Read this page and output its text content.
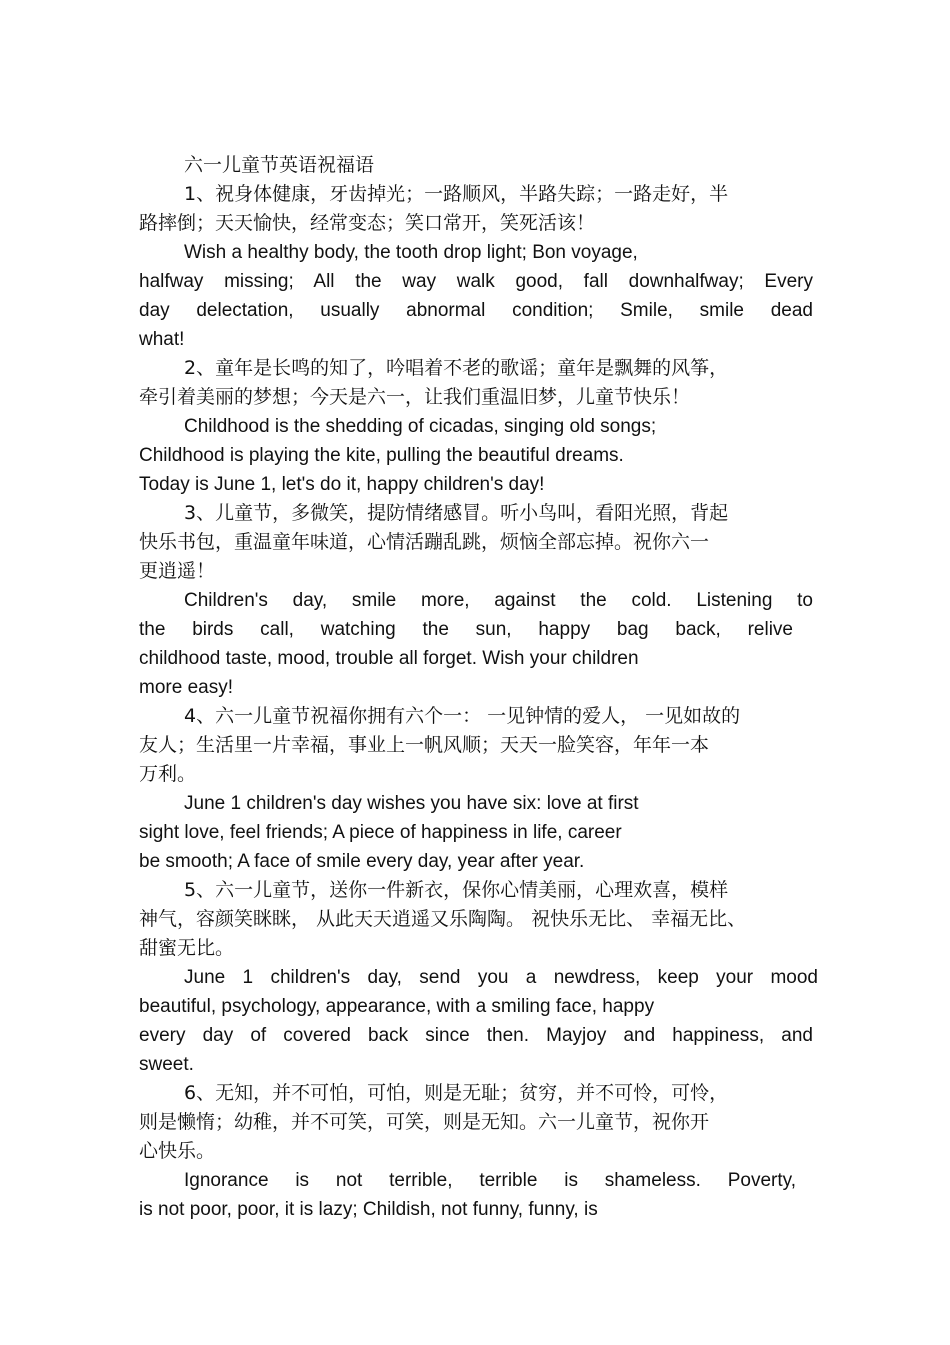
六一儿童节英语祝福语
1、祝身体健康，牙齿掉光；一路顺风，半路失踪；一路走好，半
路摔倒；天天愉快，经常变态；笑口常开，笑死活该！
Wish a healthy body, the tooth drop light; Bon voyage,
halfway missing; All the way walk good, fall downhalfway; Every
day delectation, usually abnormal condition; Smile, smile dead
what!
2、童年是长鸣的知了，吟唱着不老的歌谣；童年是飘舞的风筝，
牵引着美丽的梦想；今天是六一，让我们重温旧梦，儿童节快乐！
Childhood is the shedding of cicadas, singing old songs;
Childhood is playing the kite, pulling the beautiful dreams.
Today is June 1, let's do it, happy children's day!
3、儿童节，多微笑，提防情绪感冒。听小鸟叫，看阳光照，背起
快乐书包，重温童年味道，心情活蹦乱跳，烦恼全部忘掉。祝你六一
更逍遥！
Children's day, smile more, against the cold. Listening to
the birds call, watching the sun, happy bag back, relive
childhood taste, mood, trouble all forget. Wish your children
more easy!
4、六一儿童节祝福你拥有六个一： 一见钟情的爱人， 一见如故的
友人；生活里一片幸福，事业上一帆风顺；天天一脸笑容，年年一本
万利。
June 1 children's day wishes you have six: love at first
sight love, feel friends; A piece of happiness in life, career
be smooth; A face of smile every day, year after year.
5、六一儿童节，送你一件新衣，保你心情美丽，心理欢喜，模样
神气，容颜笑眯眯， 从此天天逍遥又乐陶陶。 祝快乐无比、 幸福无比、
甜蜜无比。
June 1 children's day, send you a newdress, keep your mood
beautiful, psychology, appearance, with a smiling face, happy
every day of covered back since then. Mayjoy and happiness, and
sweet.
6、无知，并不可怕，可怕，则是无耻；贫穷，并不可怜，可怜，
则是懒惰；幼稚，并不可笑，可笑，则是无知。六一儿童节，祝你开
心快乐。
Ignorance is not terrible, terrible is shameless. Poverty,
is not poor, poor, it is lazy; Childish, not funny, funny, is
